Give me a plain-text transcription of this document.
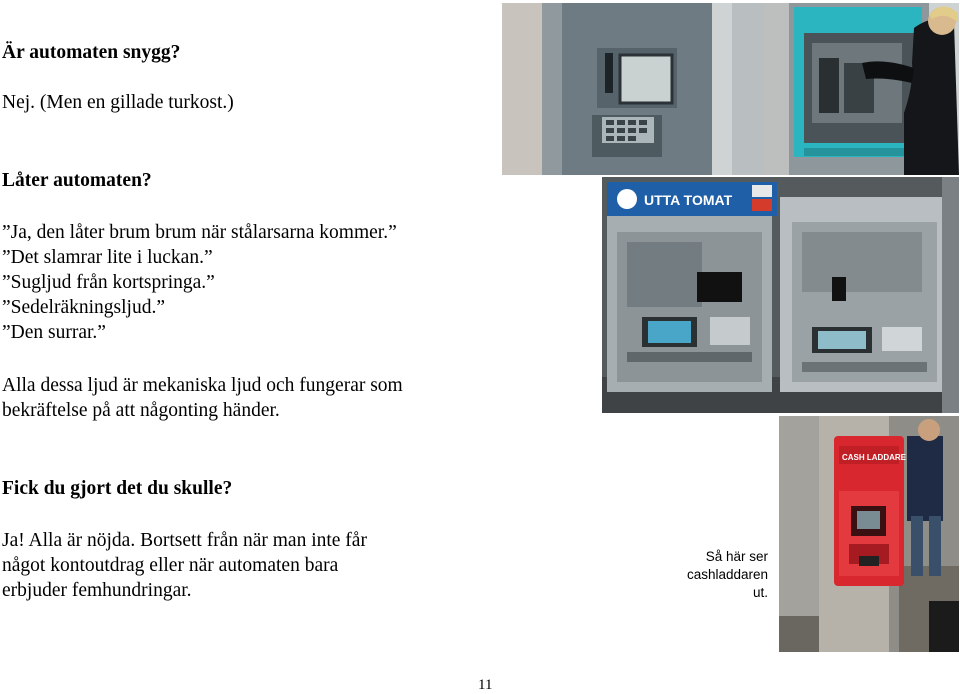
Är automaten snygg?
Nej. (Men en gillade turkost.)
Låter automaten?
”Ja, den låter brum brum när stålarsarna kommer.”
”Det slamrar lite i luckan.”
”Sugljud från kortspringa.”
”Sedelräkningsljud.”
”Den surrar.”
Alla dessa ljud är mekaniska ljud och fungerar som
bekräftelse på att någonting händer.
Fick du gjort det du skulle?
Ja! Alla är nöjda. Bortsett från när man inte får
något kontoutdrag eller när automaten bara
erbjuder femhundringar.
UTTA TOMAT
CASH LADDARE
Så här ser
cashladdaren
ut.
11
